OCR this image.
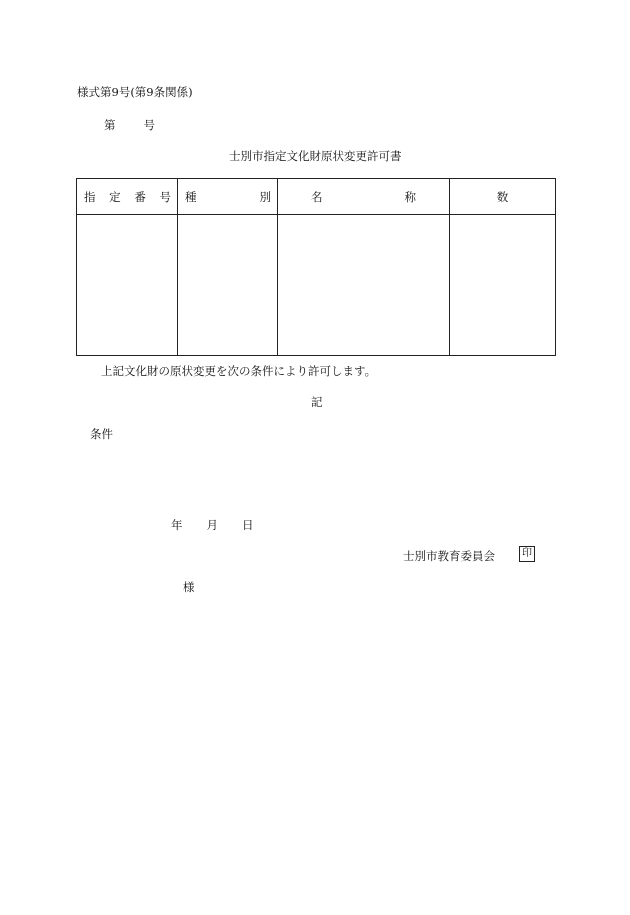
様式第9号(第9条関係)
第 号
士別市指定文化財原状変更許可書
指 定 番 号	種 別	名 称	数

上記文化財の原状変更を次の条件により許可します。
記
条件
年 月 日
士別市教育委員会	印
様
